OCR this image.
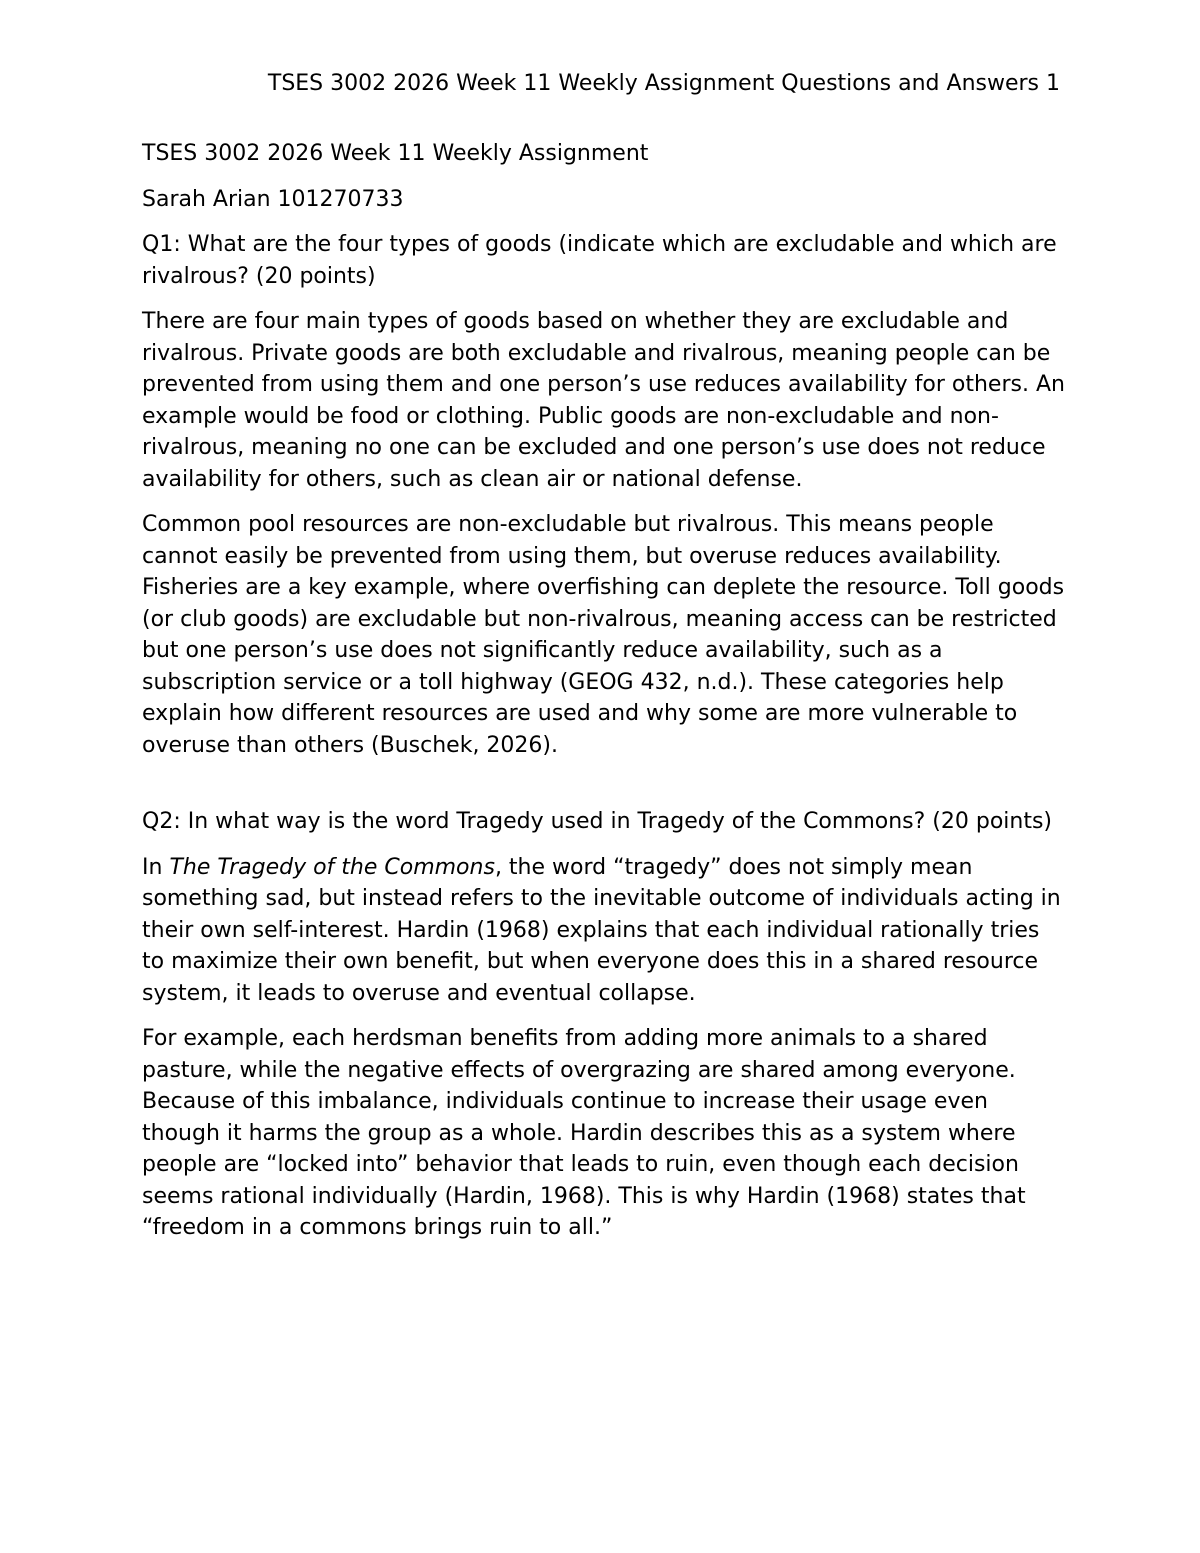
TSES 3002 2026 Week 11 Weekly Assignment Questions and Answers 1

TSES 3002 2026 Week 11 Weekly Assignment

Sarah Arian 101270733

Q1: What are the four types of goods (indicate which are excludable and which are rivalrous? (20 points)

There are four main types of goods based on whether they are excludable and rivalrous. Private goods are both excludable and rivalrous, meaning people can be prevented from using them and one person’s use reduces availability for others. An example would be food or clothing. Public goods are non-excludable and non-rivalrous, meaning no one can be excluded and one person’s use does not reduce availability for others, such as clean air or national defense.

Common pool resources are non-excludable but rivalrous. This means people cannot easily be prevented from using them, but overuse reduces availability. Fisheries are a key example, where overfishing can deplete the resource. Toll goods (or club goods) are excludable but non-rivalrous, meaning access can be restricted but one person’s use does not significantly reduce availability, such as a subscription service or a toll highway (GEOG 432, n.d.). These categories help explain how different resources are used and why some are more vulnerable to overuse than others (Buschek, 2026).

Q2: In what way is the word Tragedy used in Tragedy of the Commons? (20 points)

In The Tragedy of the Commons, the word “tragedy” does not simply mean something sad, but instead refers to the inevitable outcome of individuals acting in their own self-interest. Hardin (1968) explains that each individual rationally tries to maximize their own benefit, but when everyone does this in a shared resource system, it leads to overuse and eventual collapse.

For example, each herdsman benefits from adding more animals to a shared pasture, while the negative effects of overgrazing are shared among everyone. Because of this imbalance, individuals continue to increase their usage even though it harms the group as a whole. Hardin describes this as a system where people are “locked into” behavior that leads to ruin, even though each decision seems rational individually (Hardin, 1968). This is why Hardin (1968) states that “freedom in a commons brings ruin to all.”
